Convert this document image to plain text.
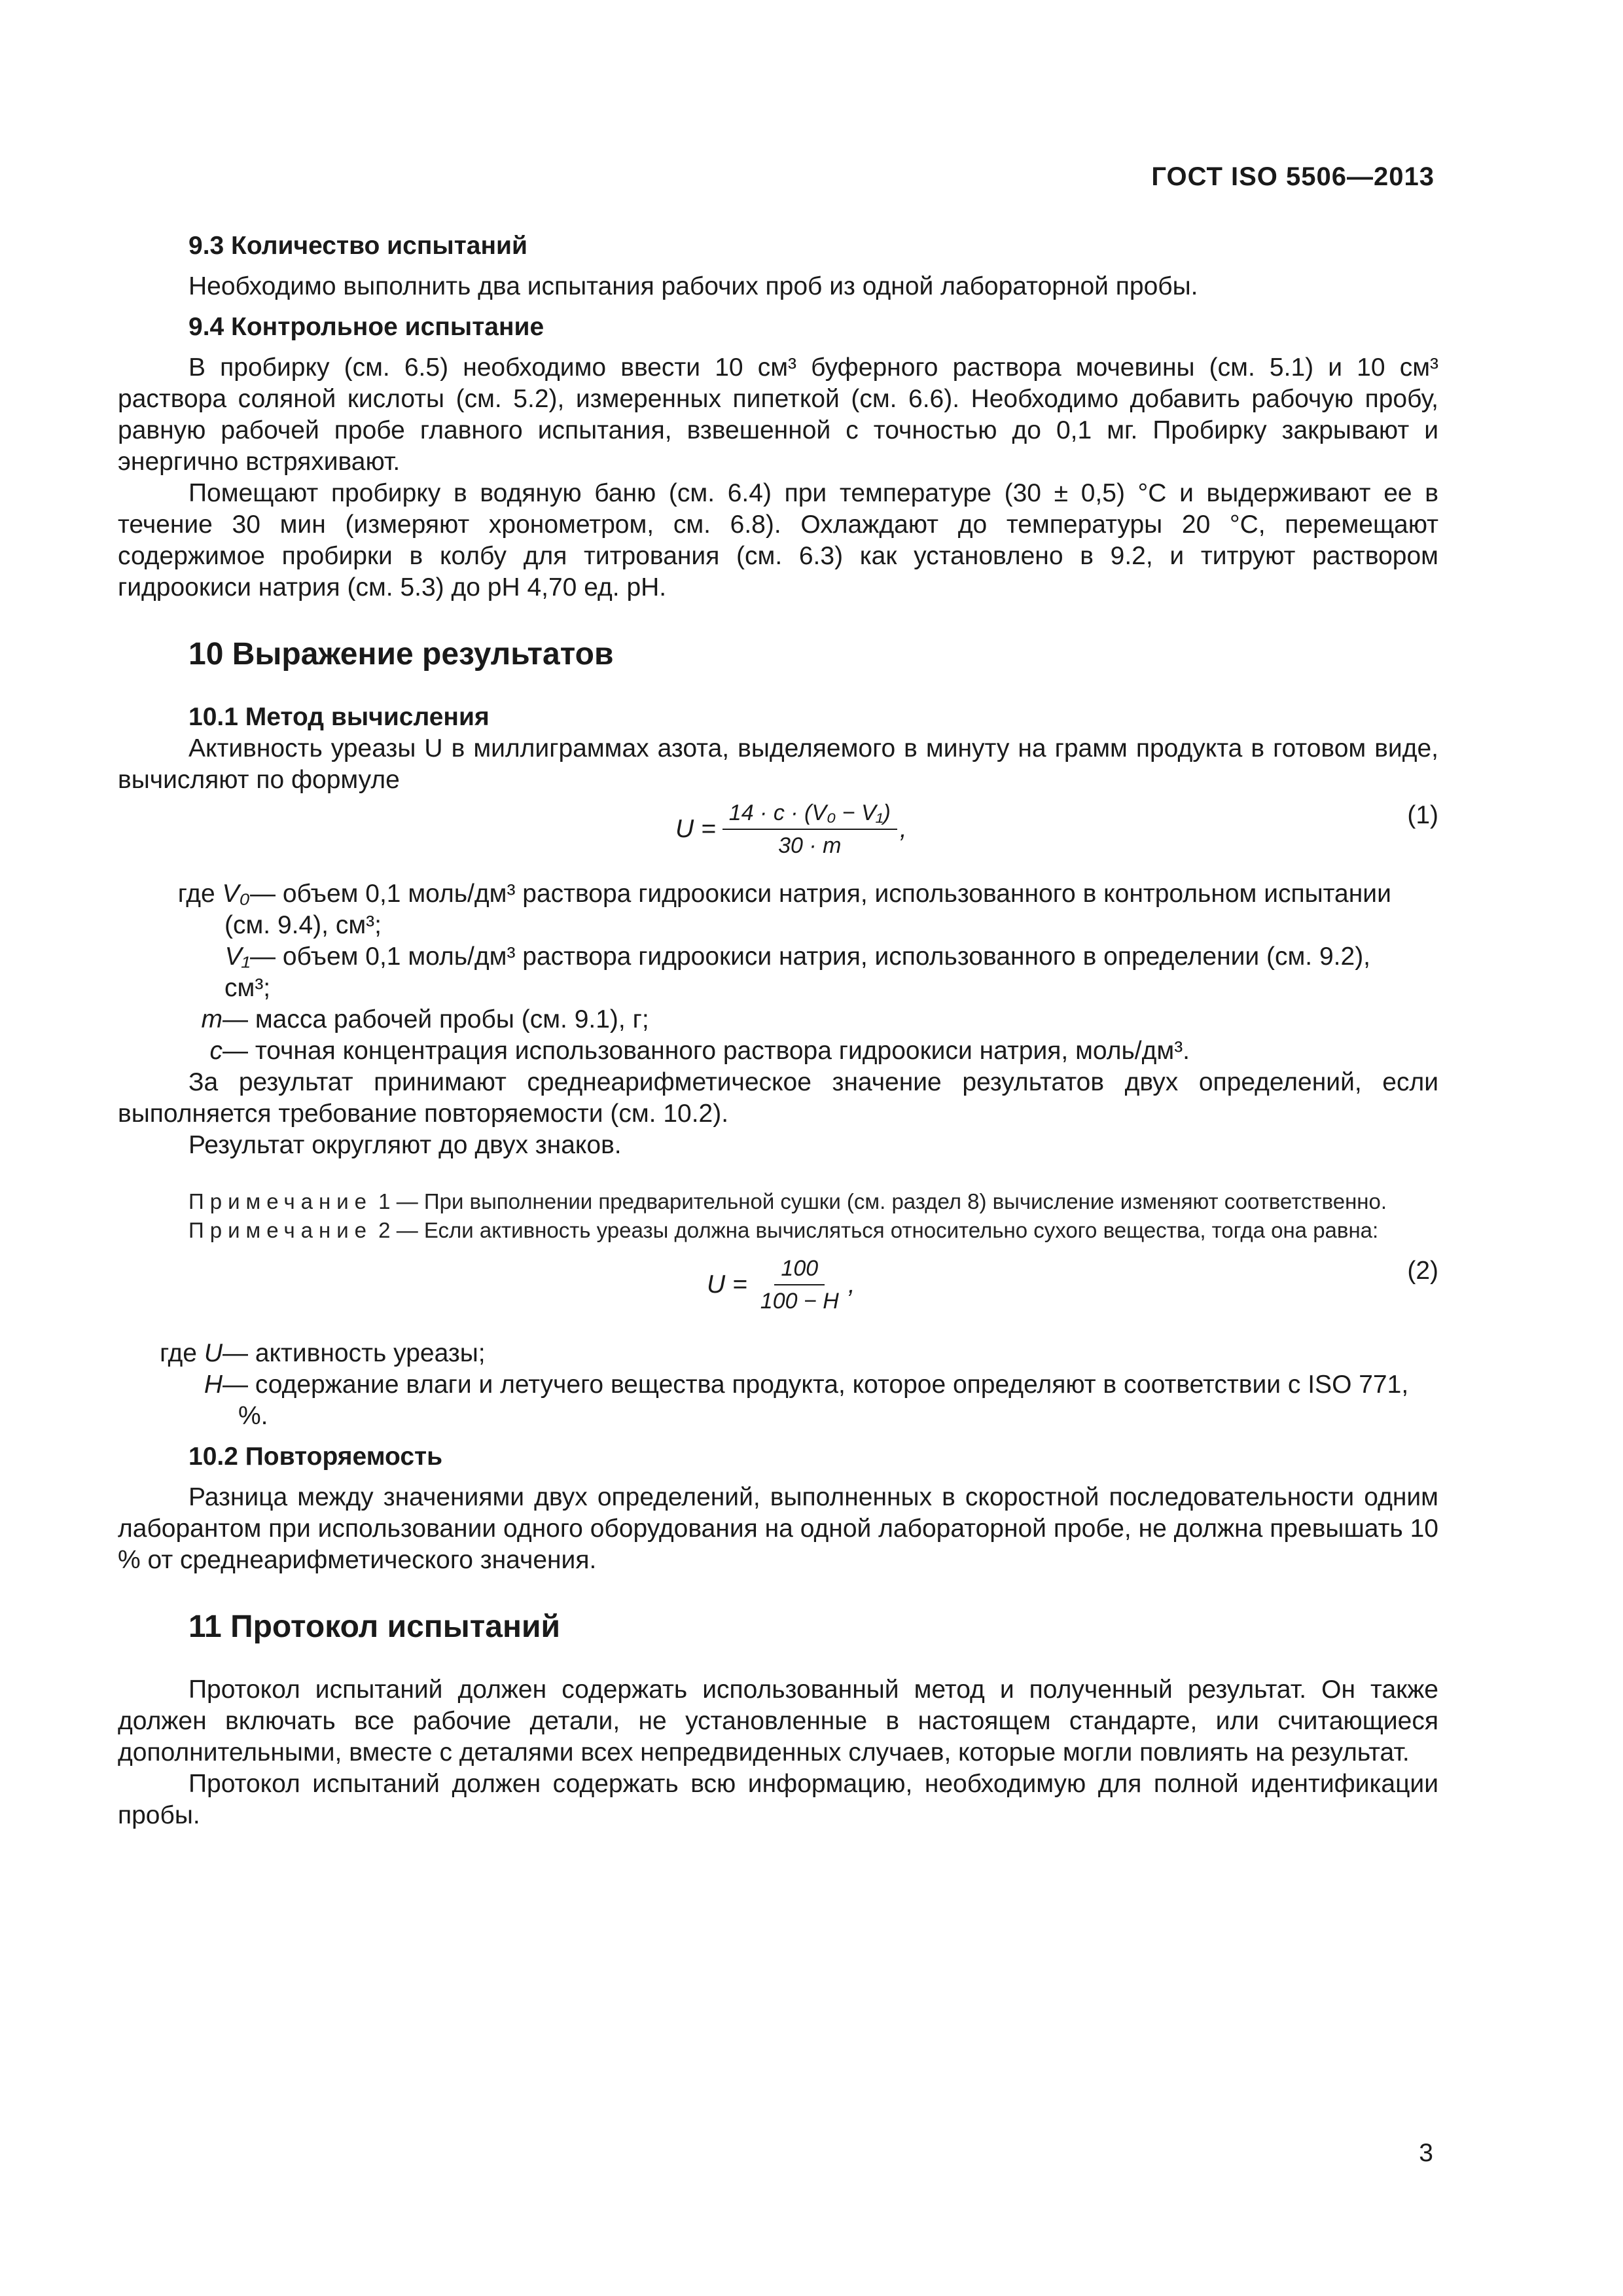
ГОСТ ISO 5506—2013
9.3 Количество испытаний

Необходимо выполнить два испытания рабочих проб из одной лабораторной пробы.

9.4 Контрольное испытание

В пробирку (см. 6.5) необходимо ввести 10 см³ буферного раствора мочевины (см. 5.1) и 10 см³ раствора соляной кислоты (см. 5.2), измеренных пипеткой (см. 6.6). Необходимо добавить рабочую пробу, равную рабочей пробе главного испытания, взвешенной с точностью до 0,1 мг. Пробирку закрывают и энергично встряхивают.

Помещают пробирку в водяную баню (см. 6.4) при температуре (30 ± 0,5) °С и выдерживают ее в течение 30 мин (измеряют хронометром, см. 6.8). Охлаждают до температуры 20 °С, перемещают содержимое пробирки в колбу для титрования (см. 6.3) как установлено в 9.2, и титруют раствором гидроокиси натрия (см. 5.3) до pH 4,70 ед. pH.

10 Выражение результатов
10.1 Метод вычисления

Активность уреазы U в миллиграммах азота, выделяемого в минуту на грамм продукта в готовом виде, вычисляют по формуле

$U = \frac{\text{14 · c · (V₀ − V₁)}}{30 \cdot m}$ ,	(1)
где V₀ — объем 0,1 моль/дм³ раствора гидроокиси натрия, использованного в контрольном испытании
(см. 9.4), см³;
V₁ — объем 0,1 моль/дм³ раствора гидроокиси натрия, использованного в определении (см. 9.2),
см³;
m — масса рабочей пробы (см. 9.1), г;
c — точная концентрация использованного раствора гидроокиси натрия, моль/дм³.

За результат принимают среднеарифметическое значение результатов двух определений, если выполняется требование повторяемости (см. 10.2).

Результат округляют до двух знаков.

Примечание 1 — При выполнении предварительной сушки (см. раздел 8) вычисление изменяют соответственно.

Примечание 2 — Если активность уреазы должна вычисляться относительно сухого вещества, тогда она равна:

$U = \frac{100}{100 - H}$ ,	(2)
где U — активность уреазы;
H — содержание влаги и летучего вещества продукта, которое определяют в соответствии с ISO 771,
%.
10.2 Повторяемость

Разница между значениями двух определений, выполненных в скоростной последовательности одним лаборантом при использовании одного оборудования на одной лабораторной пробе, не должна превышать 10 % от среднеарифметического значения.

11 Протокол испытаний

Протокол испытаний должен содержать использованный метод и полученный результат. Он также должен включать все рабочие детали, не установленные в настоящем стандарте, или считающиеся дополнительными, вместе с деталями всех непредвиденных случаев, которые могли повлиять на результат.

Протокол испытаний должен содержать всю информацию, необходимую для полной идентификации пробы.

3
